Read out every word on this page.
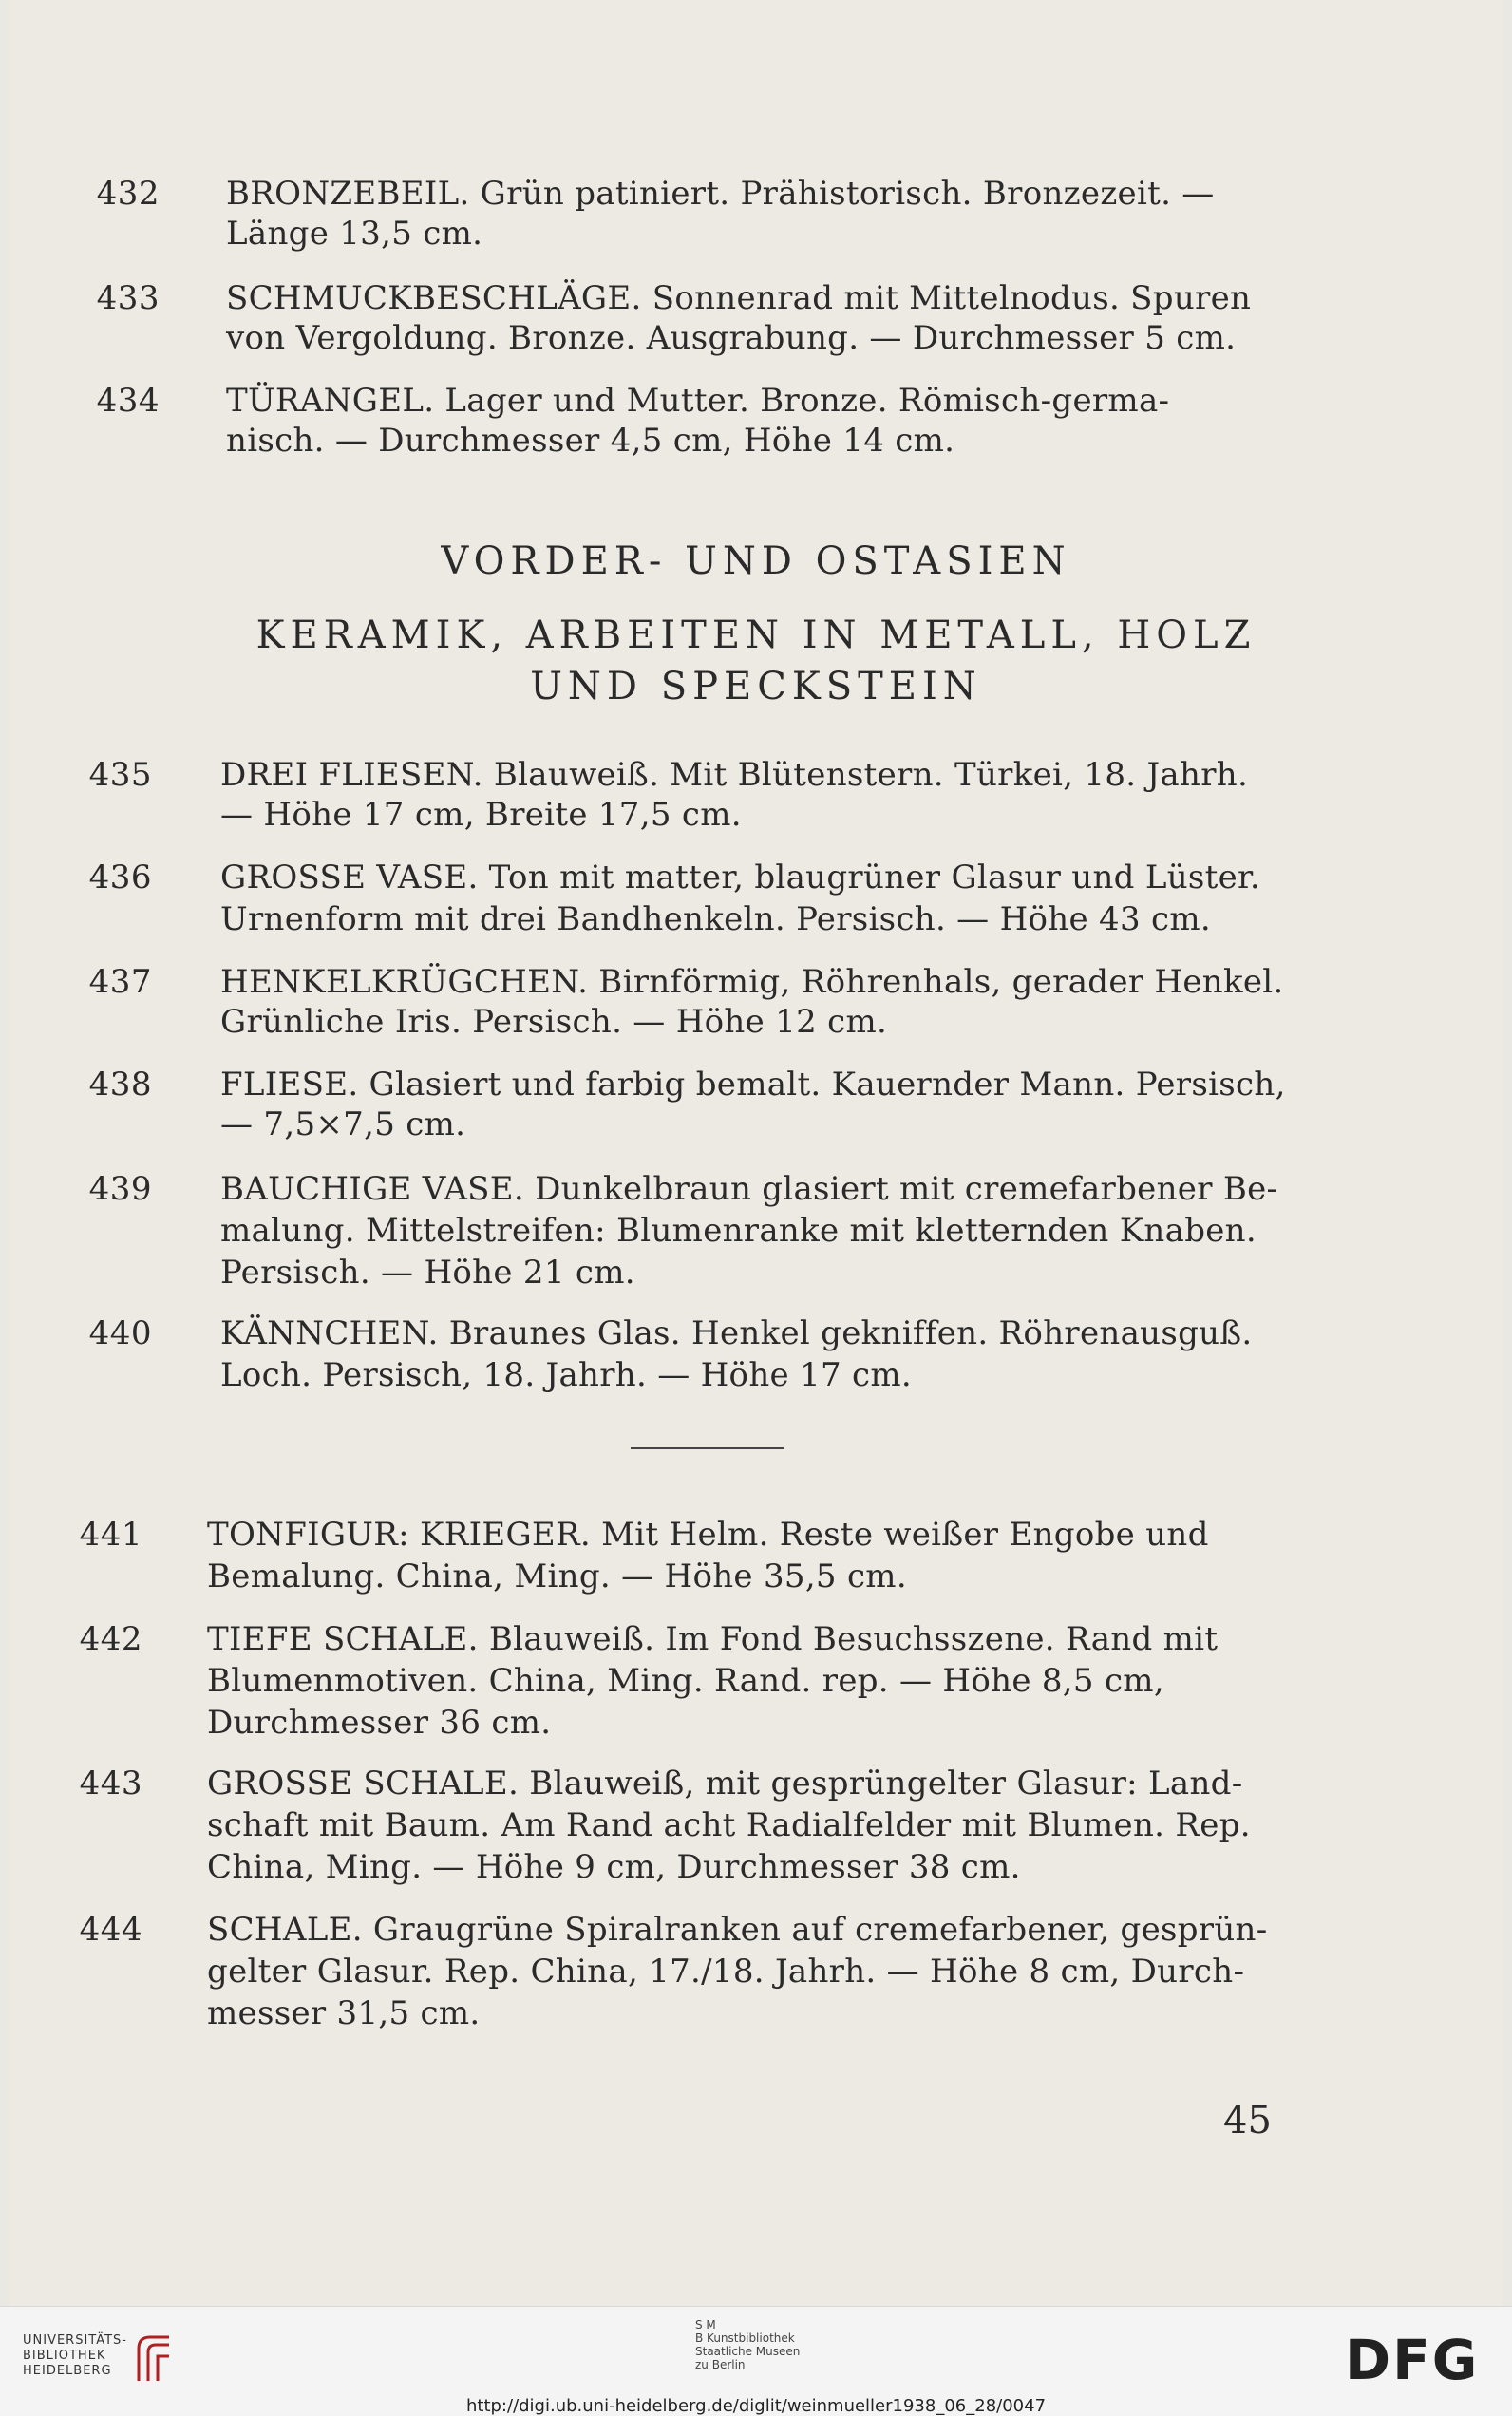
432 BRONZEBEIL. Grün patiniert. Prähistorisch. Bronzezeit. —
Länge 13,5 cm.
433 SCHMUCKBESCHLÄGE. Sonnenrad mit Mittelnodus. Spuren
von Vergoldung. Bronze. Ausgrabung. — Durchmesser 5 cm.
434 TÜRANGEL. Lager und Mutter. Bronze. Römisch-germa-
nisch. — Durchmesser 4,5 cm, Höhe 14 cm.
VORDER- UND OSTASIEN
KERAMIK, ARBEITEN IN METALL, HOLZ
UND SPECKSTEIN
435 DREI FLIESEN. Blauweiß. Mit Blütenstern. Türkei, 18. Jahrh.
— Höhe 17 cm, Breite 17,5 cm.
436 GROSSE VASE. Ton mit matter, blaugrüner Glasur und Lüster.
Urnenform mit drei Bandhenkeln. Persisch. — Höhe 43 cm.
437 HENKELKRÜGCHEN. Birnförmig, Röhrenhals, gerader Henkel.
Grünliche Iris. Persisch. — Höhe 12 cm.
438 FLIESE. Glasiert und farbig bemalt. Kauernder Mann. Persisch,
— 7,5×7,5 cm.
439 BAUCHIGE VASE. Dunkelbraun glasiert mit cremefarbener Be-
malung. Mittelstreifen: Blumenranke mit kletternden Knaben.
Persisch. — Höhe 21 cm.
440 KÄNNCHEN. Braunes Glas. Henkel gekniffen. Röhrenausguß.
Loch. Persisch, 18. Jahrh. — Höhe 17 cm.
441 TONFIGUR: KRIEGER. Mit Helm. Reste weißer Engobe und
Bemalung. China, Ming. — Höhe 35,5 cm.
442 TIEFE SCHALE. Blauweiß. Im Fond Besuchsszene. Rand mit
Blumenmotiven. China, Ming. Rand. rep. — Höhe 8,5 cm,
Durchmesser 36 cm.
443 GROSSE SCHALE. Blauweiß, mit gesprüngelter Glasur: Land-
schaft mit Baum. Am Rand acht Radialfelder mit Blumen. Rep.
China, Ming. — Höhe 9 cm, Durchmesser 38 cm.
444 SCHALE. Graugrüne Spiralranken auf cremefarbener, gesprün-
gelter Glasur. Rep. China, 17./18. Jahrh. — Höhe 8 cm, Durch-
messer 31,5 cm.
45
UNIVERSITÄTS-
BIBLIOTHEK
HEIDELBERG
S M
B Kunstbibliothek
Staatliche Museen
zu Berlin	DFG
http://digi.ub.uni-heidelberg.de/diglit/weinmueller1938_06_28/0047
